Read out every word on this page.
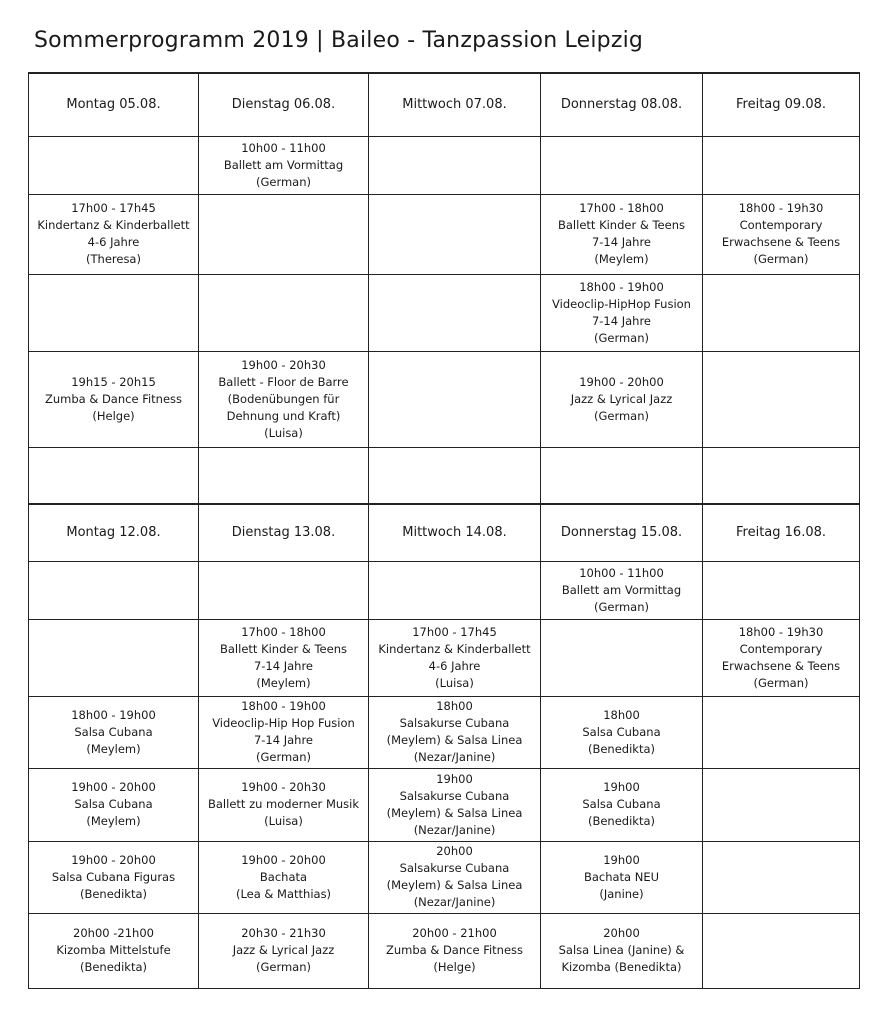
Sommerprogramm 2019 | Baileo - Tanzpassion Leipzig
Montag 05.08.	Dienstag 06.08.	Mittwoch 07.08.	Donnerstag 08.08.	Freitag 09.08.

	10h00 - 11h00
Ballett am Vormittag
(German)			

17h00 - 17h45
Kindertanz & Kinderballett
4-6 Jahre
(Theresa)			17h00 - 18h00
Ballett Kinder & Teens
7-14 Jahre
(Meylem)	18h00 - 19h30
Contemporary
Erwachsene & Teens
(German)

			18h00 - 19h00
Videoclip-HipHop Fusion
7-14 Jahre
(German)	

19h15 - 20h15
Zumba & Dance Fitness
(Helge)	19h00 - 20h30
Ballett - Floor de Barre
(Bodenübungen für
Dehnung und Kraft)
(Luisa)		19h00 - 20h00
Jazz & Lyrical Jazz
(German)	

Montag 12.08.	Dienstag 13.08.	Mittwoch 14.08.	Donnerstag 15.08.	Freitag 16.08.

			10h00 - 11h00
Ballett am Vormittag
(German)	

	17h00 - 18h00
Ballett Kinder & Teens
7-14 Jahre
(Meylem)	17h00 - 17h45
Kindertanz & Kinderballett
4-6 Jahre
(Luisa)		18h00 - 19h30
Contemporary
Erwachsene & Teens
(German)

18h00 - 19h00
Salsa Cubana
(Meylem)	18h00 - 19h00
Videoclip-Hip Hop Fusion
7-14 Jahre
(German)	18h00
Salsakurse Cubana
(Meylem) & Salsa Linea
(Nezar/Janine)	18h00
Salsa Cubana
(Benedikta)	

19h00 - 20h00
Salsa Cubana
(Meylem)	19h00 - 20h30
Ballett zu moderner Musik
(Luisa)	19h00
Salsakurse Cubana
(Meylem) & Salsa Linea
(Nezar/Janine)	19h00
Salsa Cubana
(Benedikta)	

19h00 - 20h00
Salsa Cubana Figuras
(Benedikta)	19h00 - 20h00
Bachata
(Lea & Matthias)	20h00
Salsakurse Cubana
(Meylem) & Salsa Linea
(Nezar/Janine)	19h00
Bachata NEU
(Janine)	

20h00 -21h00
Kizomba Mittelstufe
(Benedikta)	20h30 - 21h30
Jazz & Lyrical Jazz
(German)	20h00 - 21h00
Zumba & Dance Fitness
(Helge)	20h00
Salsa Linea (Janine) &
Kizomba (Benedikta)	
